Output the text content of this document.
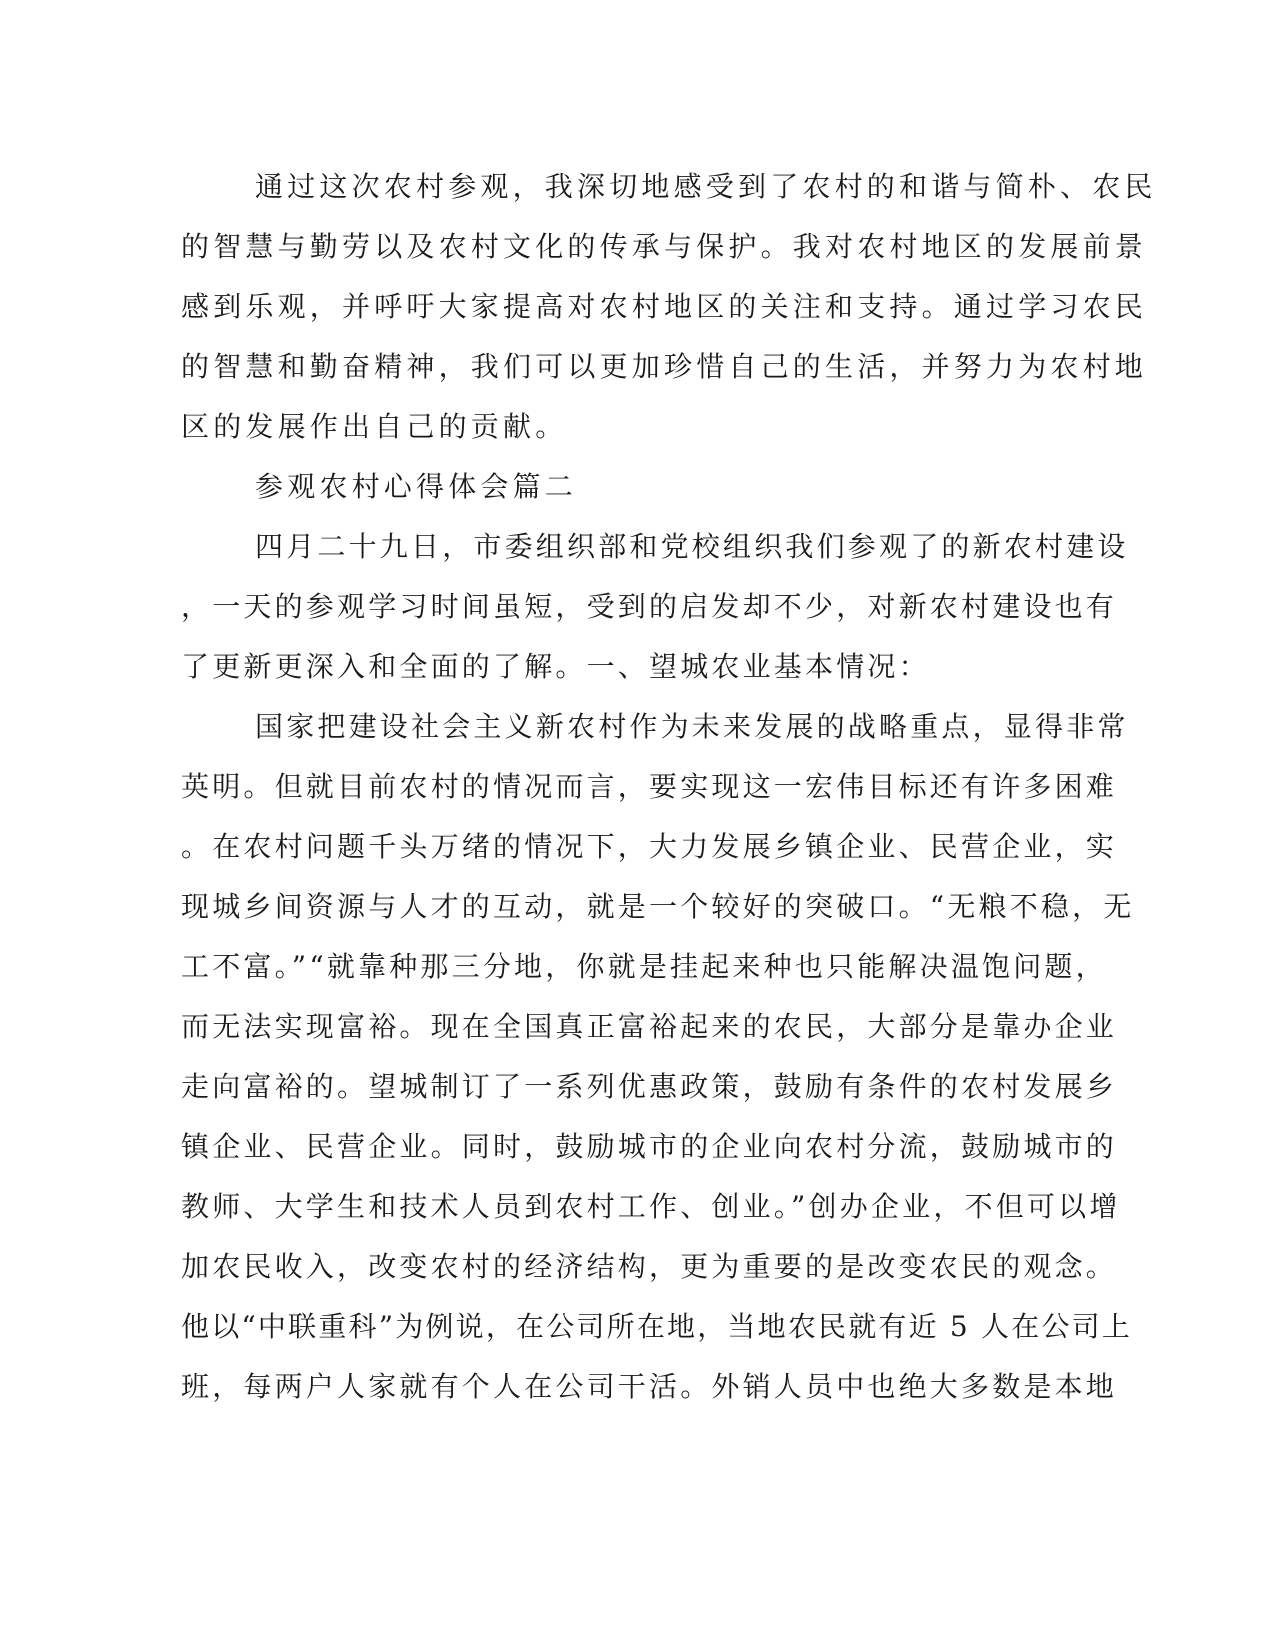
通过这次农村参观，我深切地感受到了农村的和谐与简朴、农民
的智慧与勤劳以及农村文化的传承与保护。我对农村地区的发展前景
感到乐观，并呼吁大家提高对农村地区的关注和支持。通过学习农民
的智慧和勤奋精神，我们可以更加珍惜自己的生活，并努力为农村地
区的发展作出自己的贡献。
参观农村心得体会篇二
四月二十九日，市委组织部和党校组织我们参观了的新农村建设
，一天的参观学习时间虽短，受到的启发却不少，对新农村建设也有
了更新更深入和全面的了解。一、望城农业基本情况：
国家把建设社会主义新农村作为未来发展的战略重点，显得非常
英明。但就目前农村的情况而言，要实现这一宏伟目标还有许多困难
。在农村问题千头万绪的情况下，大力发展乡镇企业、民营企业，实
现城乡间资源与人才的互动，就是一个较好的突破口。“无粮不稳，无
工不富。”“就靠种那三分地，你就是挂起来种也只能解决温饱问题，
而无法实现富裕。现在全国真正富裕起来的农民，大部分是靠办企业
走向富裕的。望城制订了一系列优惠政策，鼓励有条件的农村发展乡
镇企业、民营企业。同时，鼓励城市的企业向农村分流，鼓励城市的
教师、大学生和技术人员到农村工作、创业。”创办企业，不但可以增
加农民收入，改变农村的经济结构，更为重要的是改变农民的观念。
他以“中联重科”为例说，在公司所在地，当地农民就有近 5 人在公司上
班，每两户人家就有个人在公司干活。外销人员中也绝大多数是本地
